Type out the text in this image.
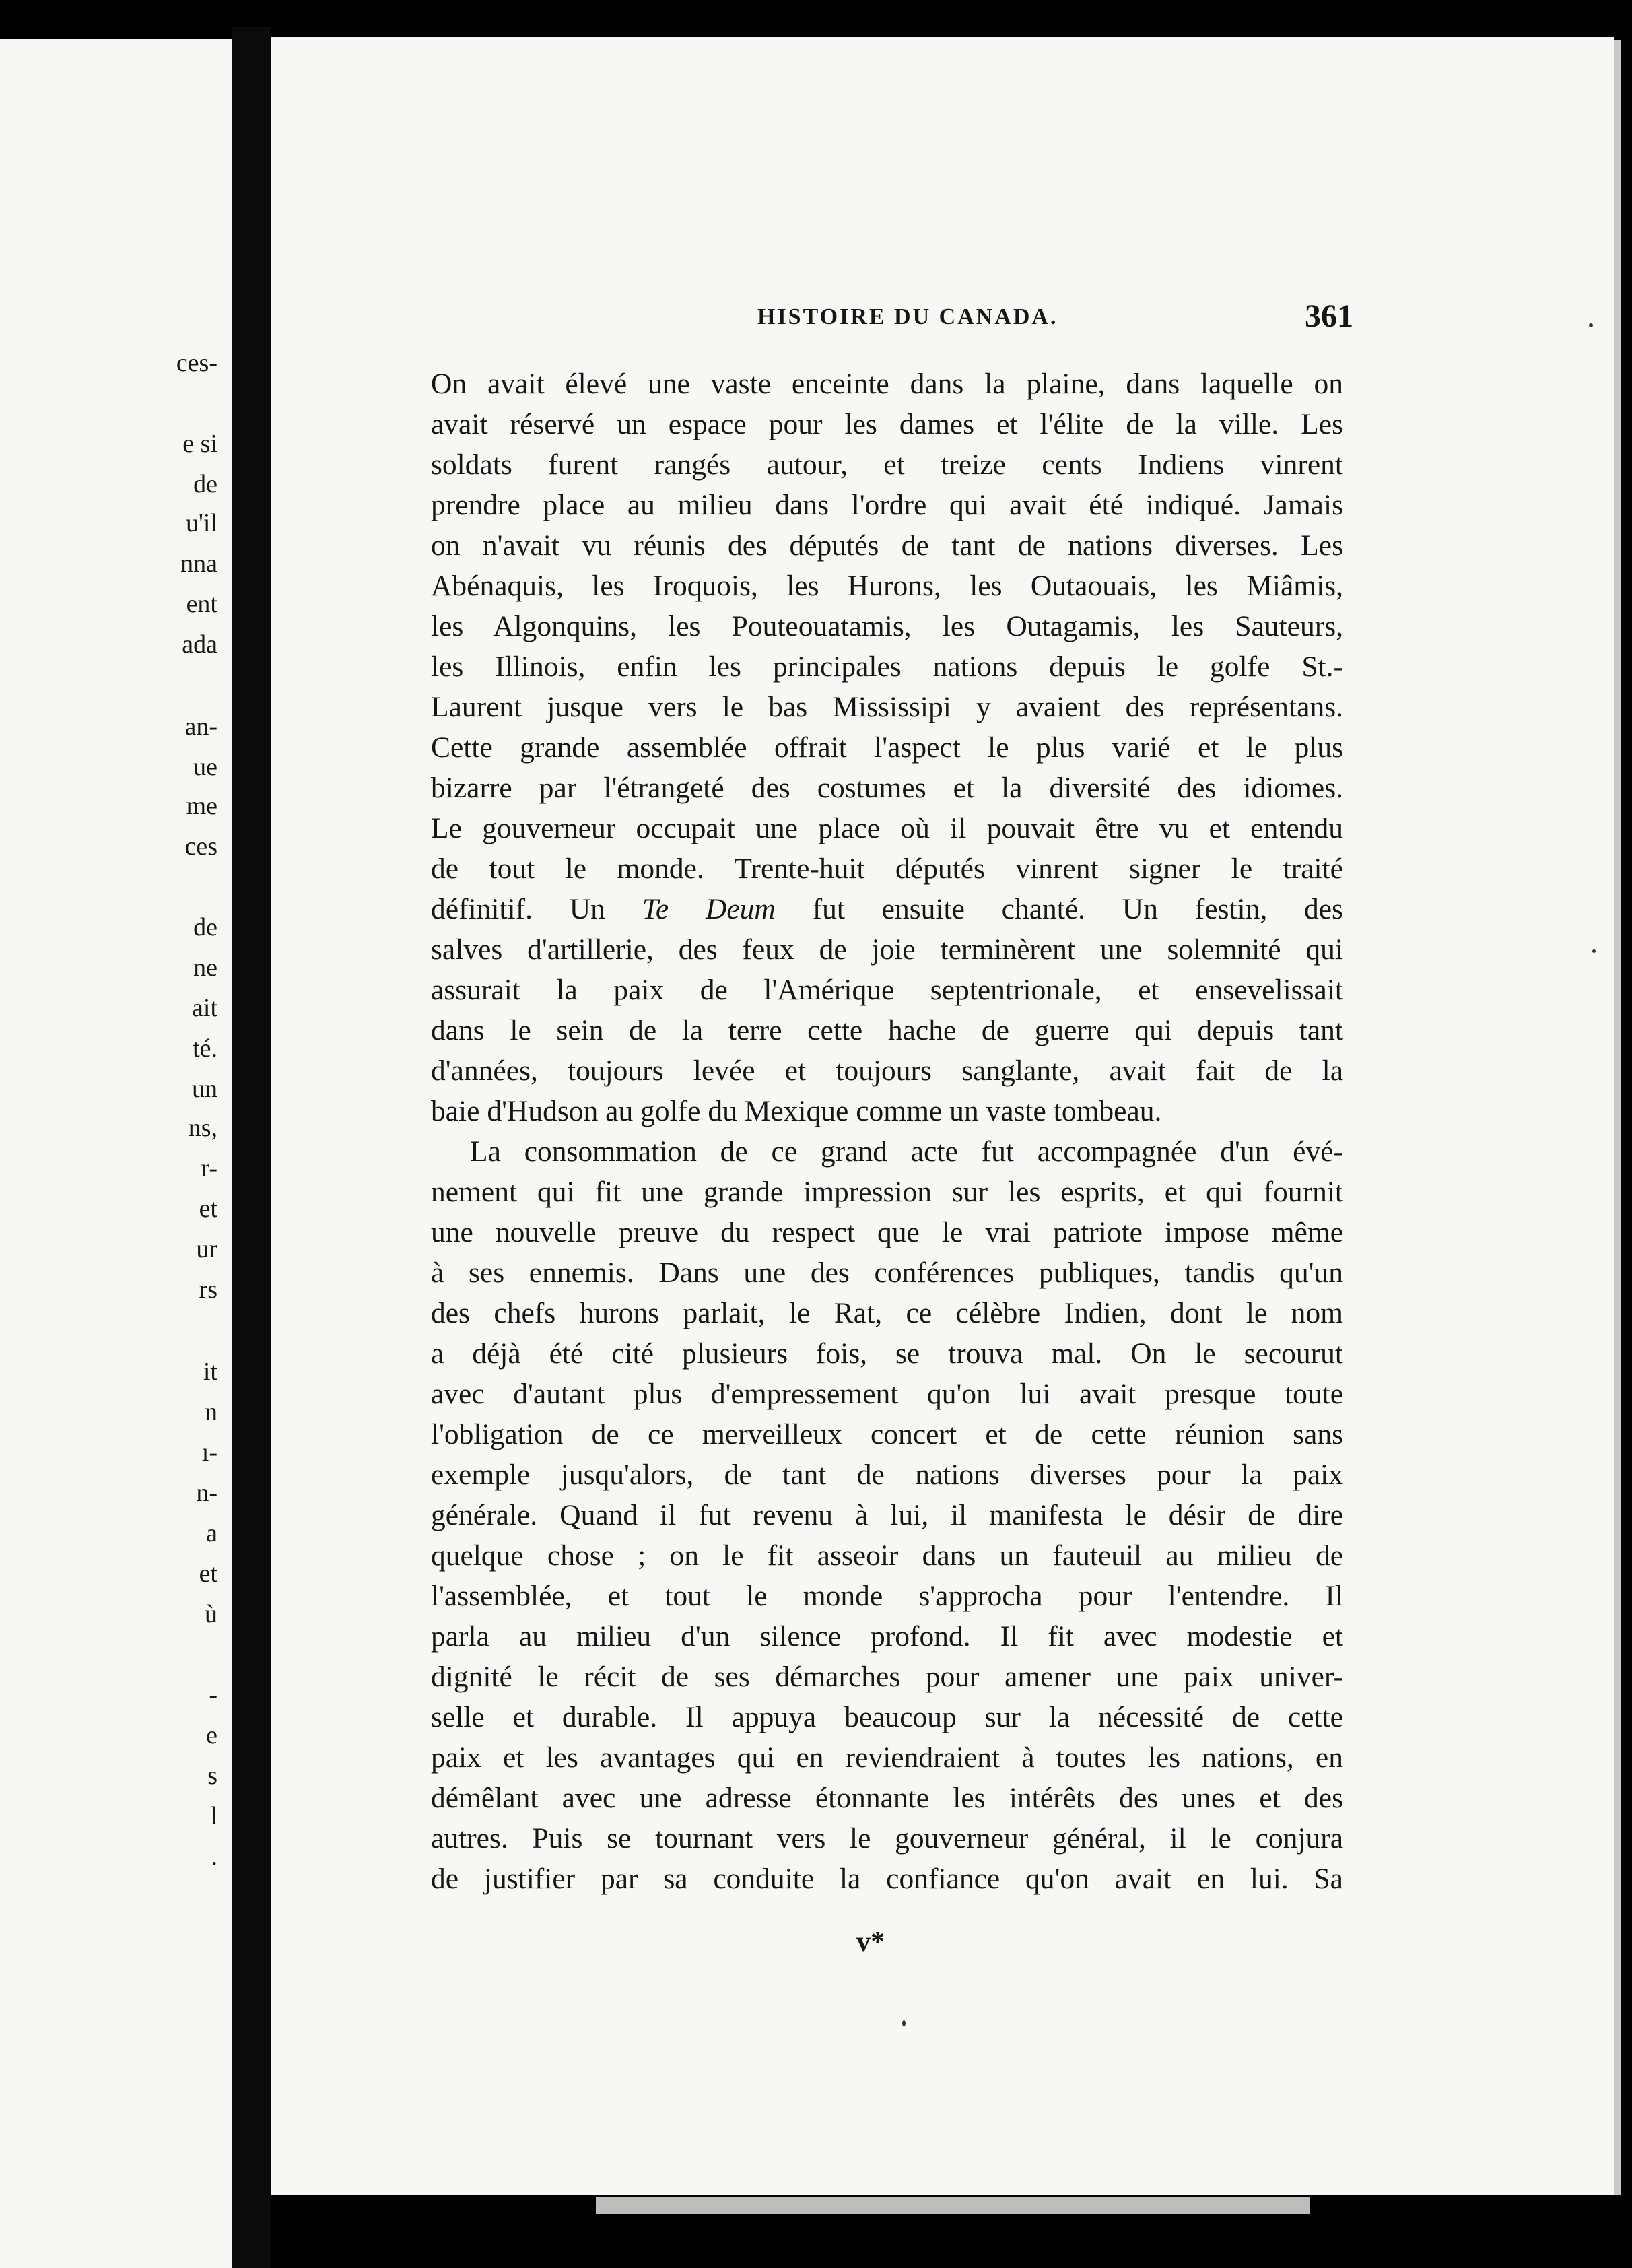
ces-
e si
de
u'il
nna
ent
ada
an-
ue
me
ces
de
ne
ait
té.
un
ns,
r-
et
ur
rs
it
n
ı-
n-
a
et
ù
-
e
s
l
.
HISTOIRE DU CANADA.	361
On avait élevé une vaste enceinte dans la plaine, dans laquelle on
avait réservé un espace pour les dames et l'élite de la ville. Les
soldats furent rangés autour, et treize cents Indiens vinrent
prendre place au milieu dans l'ordre qui avait été indiqué. Jamais
on n'avait vu réunis des députés de tant de nations diverses. Les
Abénaquis, les Iroquois, les Hurons, les Outaouais, les Miâmis,
les Algonquins, les Pouteouatamis, les Outagamis, les Sauteurs,
les Illinois, enfin les principales nations depuis le golfe St.-
Laurent jusque vers le bas Mississipi y avaient des représentans.
Cette grande assemblée offrait l'aspect le plus varié et le plus
bizarre par l'étrangeté des costumes et la diversité des idiomes.
Le gouverneur occupait une place où il pouvait être vu et entendu
de tout le monde. Trente-huit députés vinrent signer le traité
définitif. Un Te Deum fut ensuite chanté. Un festin, des
salves d'artillerie, des feux de joie terminèrent une solemnité qui
assurait la paix de l'Amérique septentrionale, et ensevelissait
dans le sein de la terre cette hache de guerre qui depuis tant
d'années, toujours levée et toujours sanglante, avait fait de la
baie d'Hudson au golfe du Mexique comme un vaste tombeau.
La consommation de ce grand acte fut accompagnée d'un évé-
nement qui fit une grande impression sur les esprits, et qui fournit
une nouvelle preuve du respect que le vrai patriote impose même
à ses ennemis. Dans une des conférences publiques, tandis qu'un
des chefs hurons parlait, le Rat, ce célèbre Indien, dont le nom
a déjà été cité plusieurs fois, se trouva mal. On le secourut
avec d'autant plus d'empressement qu'on lui avait presque toute
l'obligation de ce merveilleux concert et de cette réunion sans
exemple jusqu'alors, de tant de nations diverses pour la paix
générale. Quand il fut revenu à lui, il manifesta le désir de dire
quelque chose ; on le fit asseoir dans un fauteuil au milieu de
l'assemblée, et tout le monde s'approcha pour l'entendre. Il
parla au milieu d'un silence profond. Il fit avec modestie et
dignité le récit de ses démarches pour amener une paix univer-
selle et durable. Il appuya beaucoup sur la nécessité de cette
paix et les avantages qui en reviendraient à toutes les nations, en
démêlant avec une adresse étonnante les intérêts des unes et des
autres. Puis se tournant vers le gouverneur général, il le conjura
de justifier par sa conduite la confiance qu'on avait en lui. Sa
v*
